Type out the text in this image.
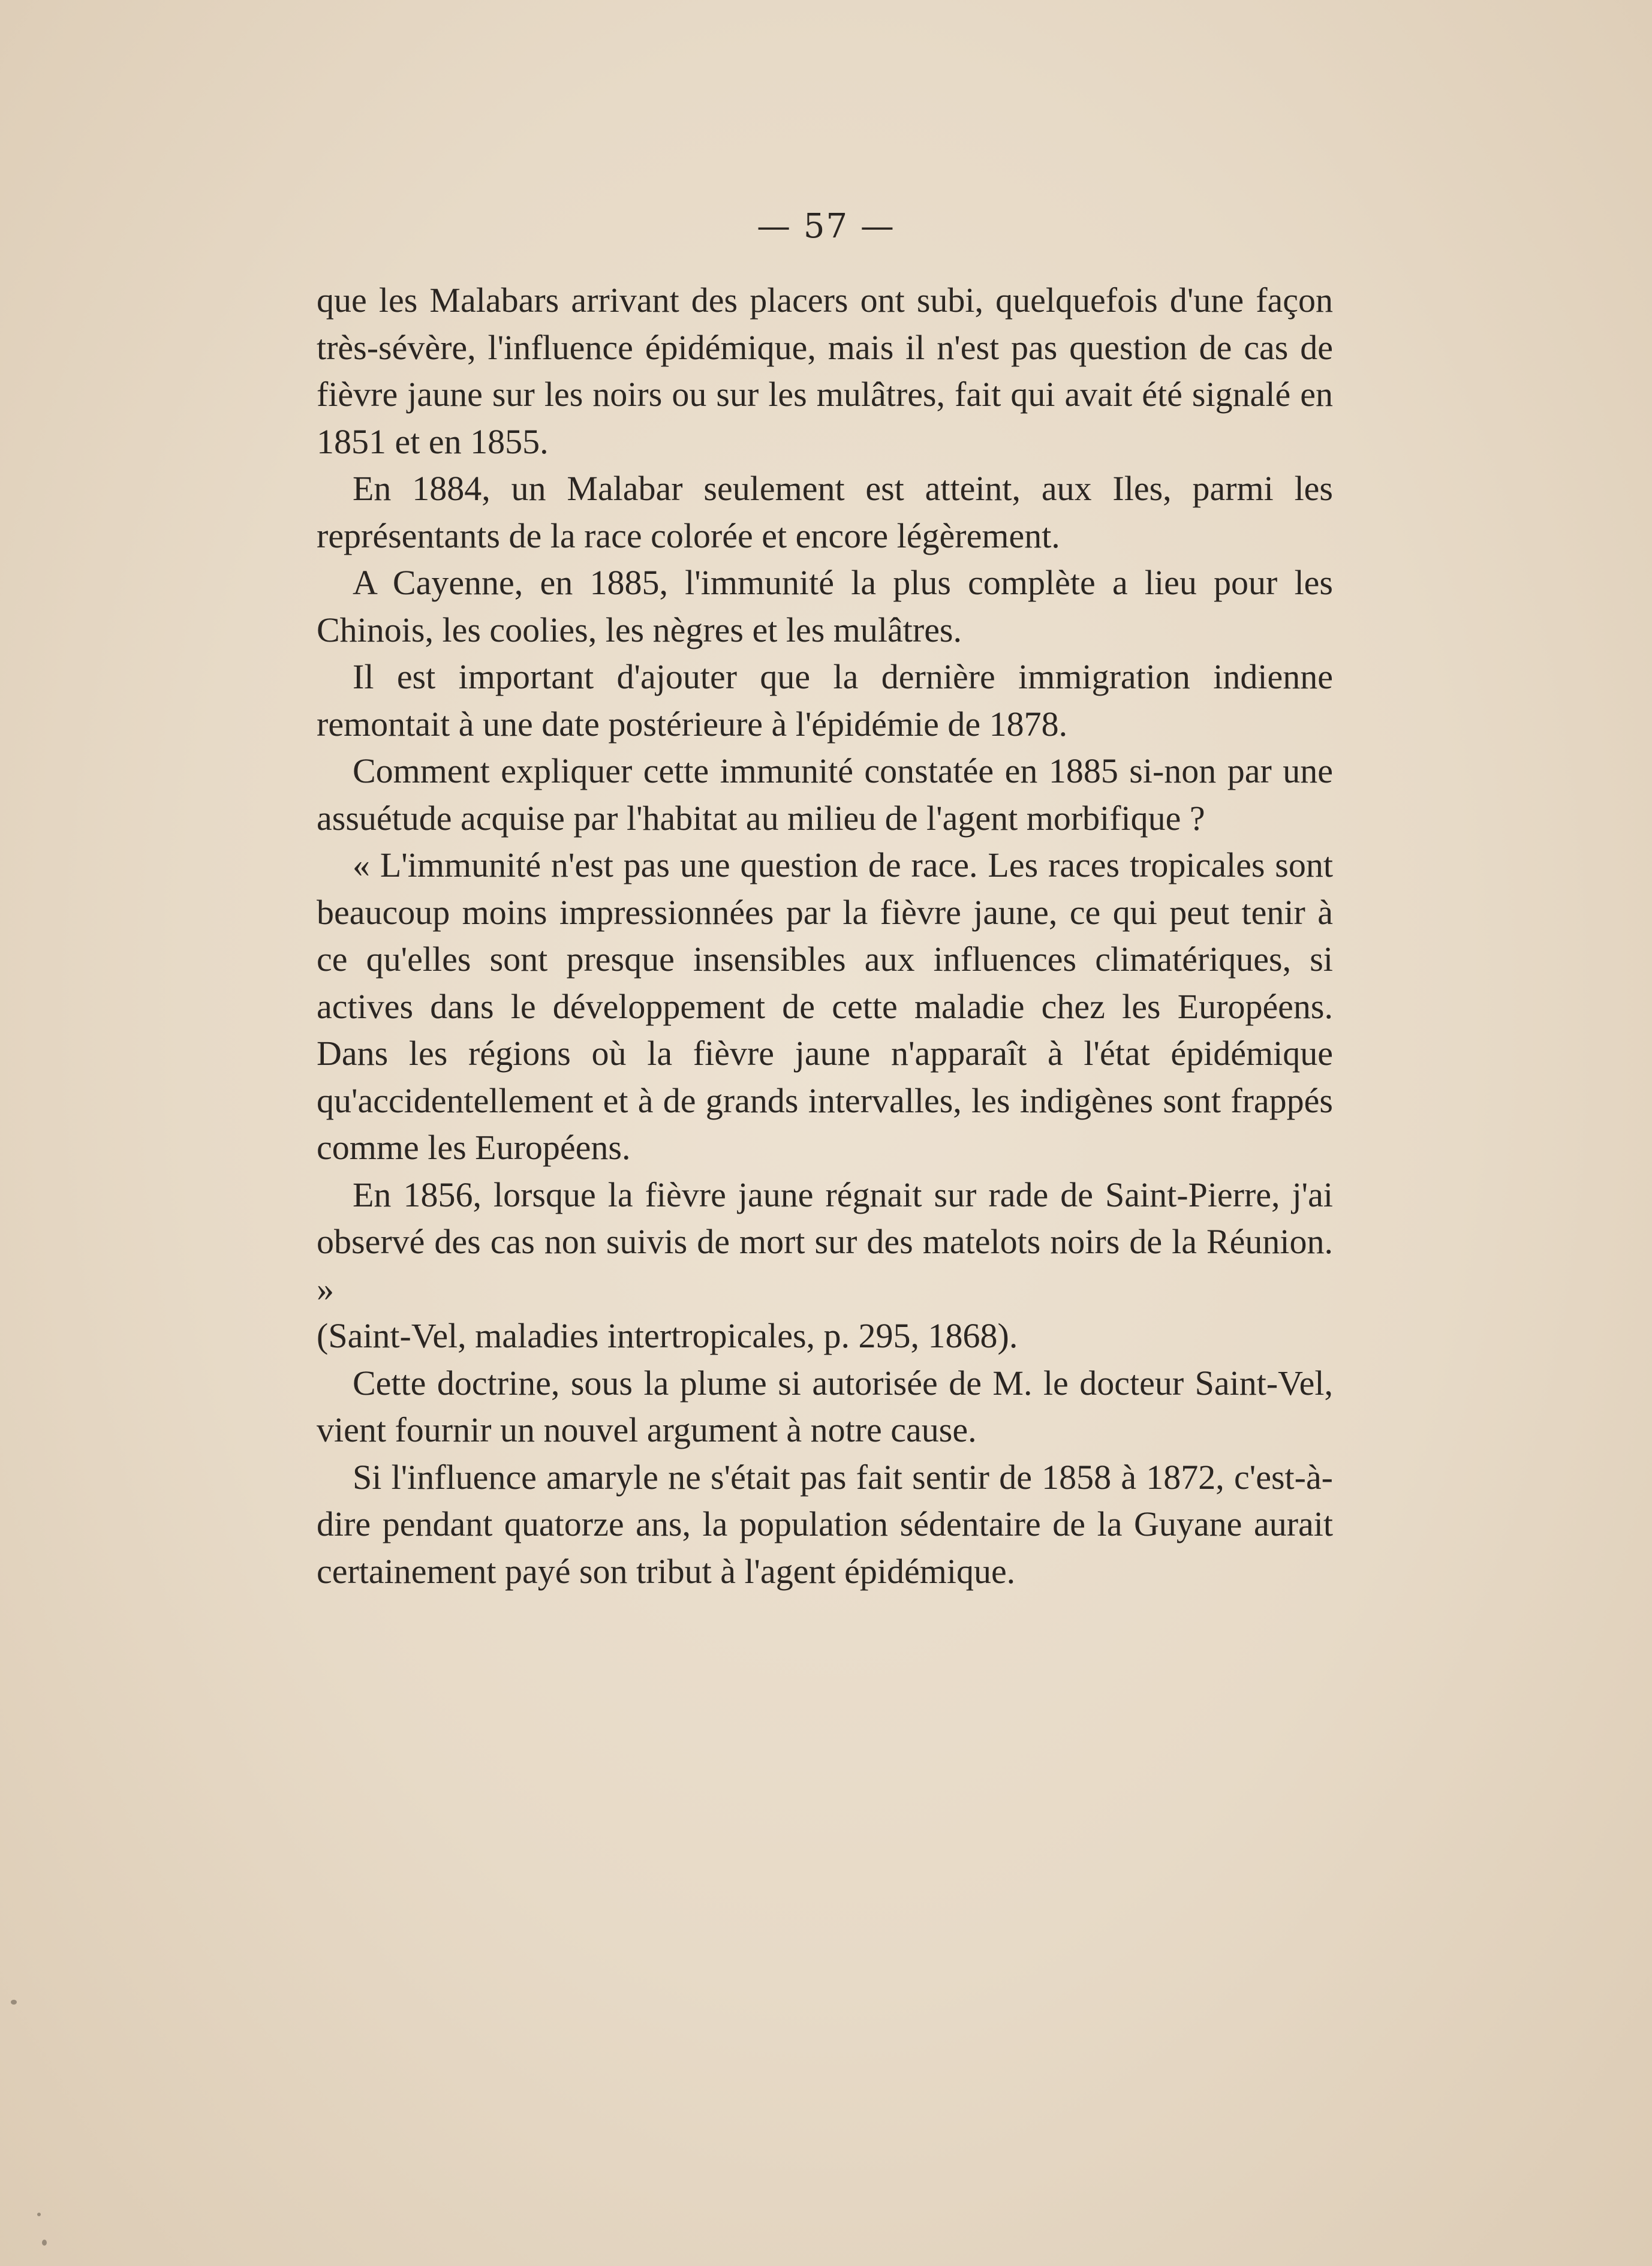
— 57 —

que les Malabars arrivant des placers ont subi, quelquefois d'une façon très-sévère, l'influence épidémique, mais il n'est pas question de cas de fièvre jaune sur les noirs ou sur les mulâtres, fait qui avait été signalé en 1851 et en 1855.

En 1884, un Malabar seulement est atteint, aux Iles, parmi les représentants de la race colorée et encore légèrement.

A Cayenne, en 1885, l'immunité la plus complète a lieu pour les Chinois, les coolies, les nègres et les mulâtres.

Il est important d'ajouter que la dernière immigration indienne remontait à une date postérieure à l'épidémie de 1878.

Comment expliquer cette immunité constatée en 1885 si-non par une assuétude acquise par l'habitat au milieu de l'agent morbifique ?

« L'immunité n'est pas une question de race. Les races tropicales sont beaucoup moins impressionnées par la fièvre jaune, ce qui peut tenir à ce qu'elles sont presque insensibles aux influences climatériques, si actives dans le développement de cette maladie chez les Européens. Dans les régions où la fièvre jaune n'apparaît à l'état épidémique qu'accidentellement et à de grands intervalles, les indigènes sont frappés comme les Européens.

En 1856, lorsque la fièvre jaune régnait sur rade de Saint-Pierre, j'ai observé des cas non suivis de mort sur des matelots noirs de la Réunion. »

(Saint-Vel, maladies intertropicales, p. 295, 1868).

Cette doctrine, sous la plume si autorisée de M. le docteur Saint-Vel, vient fournir un nouvel argument à notre cause.

Si l'influence amaryle ne s'était pas fait sentir de 1858 à 1872, c'est-à-dire pendant quatorze ans, la population sédentaire de la Guyane aurait certainement payé son tribut à l'agent épidémique.
